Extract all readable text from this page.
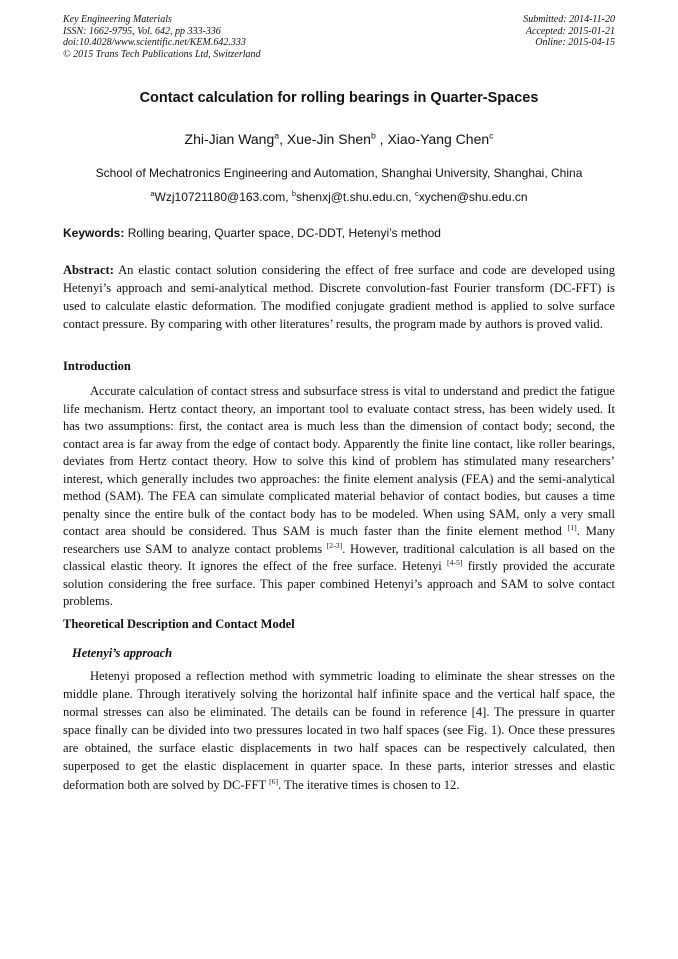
Key Engineering Materials
ISSN: 1662-9795, Vol. 642, pp 333-336
doi:10.4028/www.scientific.net/KEM.642.333
© 2015 Trans Tech Publications Ltd, Switzerland
Submitted: 2014-11-20
Accepted: 2015-01-21
Online: 2015-04-15
Contact calculation for rolling bearings in Quarter-Spaces
Zhi-Jian Wang$^a$, Xue-Jin Shen$^b$ , Xiao-Yang Chen$^c$
School of Mechatronics Engineering and Automation, Shanghai University, Shanghai, China
$^a$Wzj10721180@163.com, $^b$shenxj@t.shu.edu.cn, $^c$xychen@shu.edu.cn
Keywords: Rolling bearing, Quarter space, DC-DDT, Hetenyi’s method

Abstract: An elastic contact solution considering the effect of free surface and code are developed using Hetenyi’s approach and semi-analytical method. Discrete convolution-fast Fourier transform (DC-FFT) is used to calculate elastic deformation. The modified conjugate gradient method is applied to solve surface contact pressure. By comparing with other literatures’ results, the program made by authors is proved valid.

Introduction

Accurate calculation of contact stress and subsurface stress is vital to understand and predict the fatigue life mechanism. Hertz contact theory, an important tool to evaluate contact stress, has been widely used. It has two assumptions: first, the contact area is much less than the dimension of contact body; second, the contact area is far away from the edge of contact body. Apparently the finite line contact, like roller bearings, deviates from Hertz contact theory. How to solve this kind of problem has stimulated many researchers’ interest, which generally includes two approaches: the finite element analysis (FEA) and the semi-analytical method (SAM). The FEA can simulate complicated material behavior of contact bodies, but causes a time penalty since the entire bulk of the contact body has to be modeled. When using SAM, only a very small contact area should be considered. Thus SAM is much faster than the finite element method [1]. Many researchers use SAM to analyze contact problems [2-3]. However, traditional calculation is all based on the classical elastic theory. It ignores the effect of the free surface. Hetenyi [4-5] firstly provided the accurate solution considering the free surface. This paper combined Hetenyi’s approach and SAM to solve contact problems.

Theoretical Description and Contact Model
Hetenyi’s approach

Hetenyi proposed a reflection method with symmetric loading to eliminate the shear stresses on the middle plane. Through iteratively solving the horizontal half infinite space and the vertical half space, the normal stresses can also be eliminated. The details can be found in reference [4]. The pressure in quarter space finally can be divided into two pressures located in two half spaces (see Fig. 1). Once these pressures are obtained, the surface elastic displacements in two half spaces can be respectively calculated, then superposed to get the elastic displacement in quarter space. In these parts, interior stresses and elastic deformation both are solved by DC-FFT [6]. The iterative times is chosen to 12.
